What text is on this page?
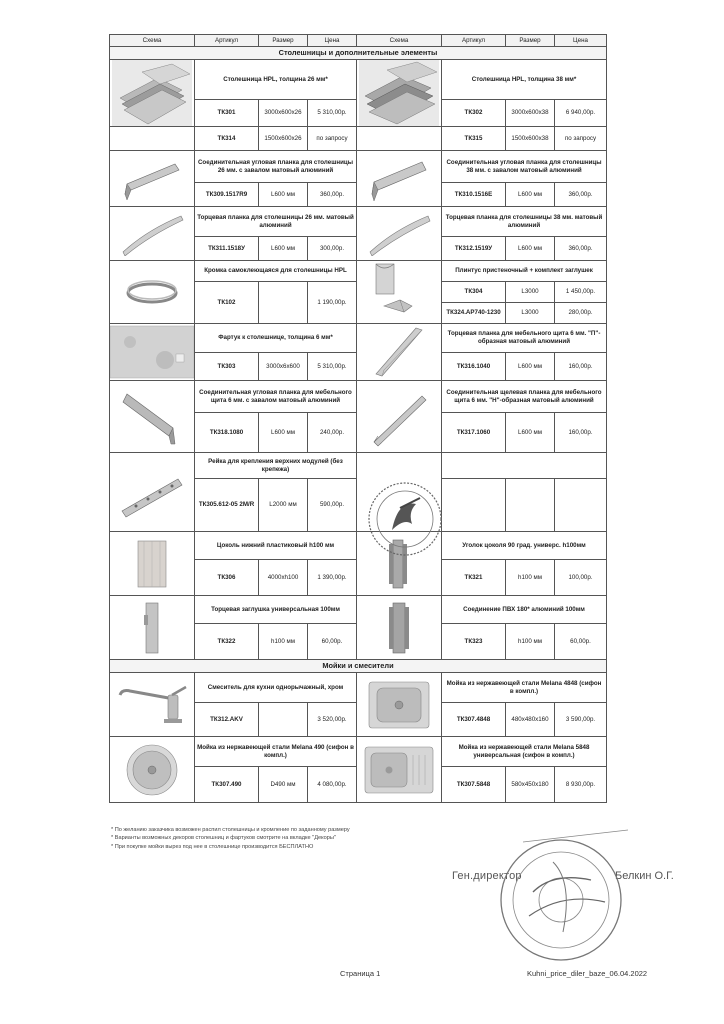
Схема	Артикул	Размер	Цена	Схема	Артикул	Размер	Цена
Столешницы и дополнительные элементы							

	Столешница HPL, толщина 26 мм*				Столешница HPL, толщина 38 мм*		
	ТК301	3000х600х26	5 310,00р.		ТК302	3000х600х38	6 940,00р.
	ТК314	1500х600х26	по запросу		ТК315	1500х600х38	по запросу

	Соединительная угловая планка для столешницы 26 мм. с завалом матовый алюминий				Соединительная угловая планка для столешницы 38 мм. с завалом матовый алюминий		
	ТК309.1517R9	L600 мм	360,00р.		ТК310.1516E	L600 мм	360,00р.

	Торцевая планка для столешницы 26 мм. матовый алюминий				Торцевая планка для столешницы 38 мм. матовый алюминий		
	ТК311.1518У	L600 мм	300,00р.		ТК312.1519У	L600 мм	360,00р.

	Кромка самоклеющаяся для столешницы HPL				Плинтус пристеночный + комплект заглушек		
	ТК102		1 190,00р.		ТК304	L3000	1 450,00р.
					ТК324.АР740-1230	L3000	280,00р.

	Фартук к столешнице, толщина 6 мм*				Торцевая планка для мебельного щита 6 мм. "П"-образная матовый алюминий		
	ТК303	3000х6х600	5 310,00р.		ТК316.1040	L600 мм	160,00р.

	Соединительная угловая планка для мебельного щита 6 мм. с завалом матовый алюминий				Соединительная щелевая планка для мебельного щита 6 мм. "Н"-образная матовый алюминий		
	ТК318.1080	L600 мм	240,00р.		ТК317.1060	L600 мм	160,00р.

	Рейка для крепления верхних модулей (без крепежа)						
	ТК305.612-05 2M/R	L2000 мм	590,00р.				

	Цоколь нижний пластиковый h100 мм				Уголок цоколя 90 град. универс. h100мм		
	ТК306	4000хh100	1 390,00р.		ТК321	h100 мм	100,00р.

	Торцевая заглушка универсальная 100мм				Соединение ПВХ 180* алюминий 100мм		
	ТК322	h100 мм	60,00р.		ТК323	h100 мм	60,00р.
Мойки и смесители							

	Смеситель для кухни однорычажный, хром				Мойка из нержавеющей стали Melana 4848 (сифон в компл.)		
	ТК312.AKV		3 520,00р.		ТК307.4848	480х480х160	3 590,00р.

	Мойка из нержавеющей стали Melana 490 (сифон в компл.)				Мойка из нержавеющей стали Melana 5848 универсальная (сифон в компл.)		
	ТК307.490	D490 мм	4 080,00р.		ТК307.5848	580х450х180	8 930,00р.
* По желанию заказчика возможен распил столешницы и кромление по заданному размеру
* Варианты возможных декоров столешниц и фартуков смотрите на вкладке "Декоры"
* При покупке мойки вырез под нее в столешнице производится БЕСПЛАТНО
Ген.директор	Белкин О.Г.
Страница 1	Kuhni_price_diler_baze_06.04.2022
